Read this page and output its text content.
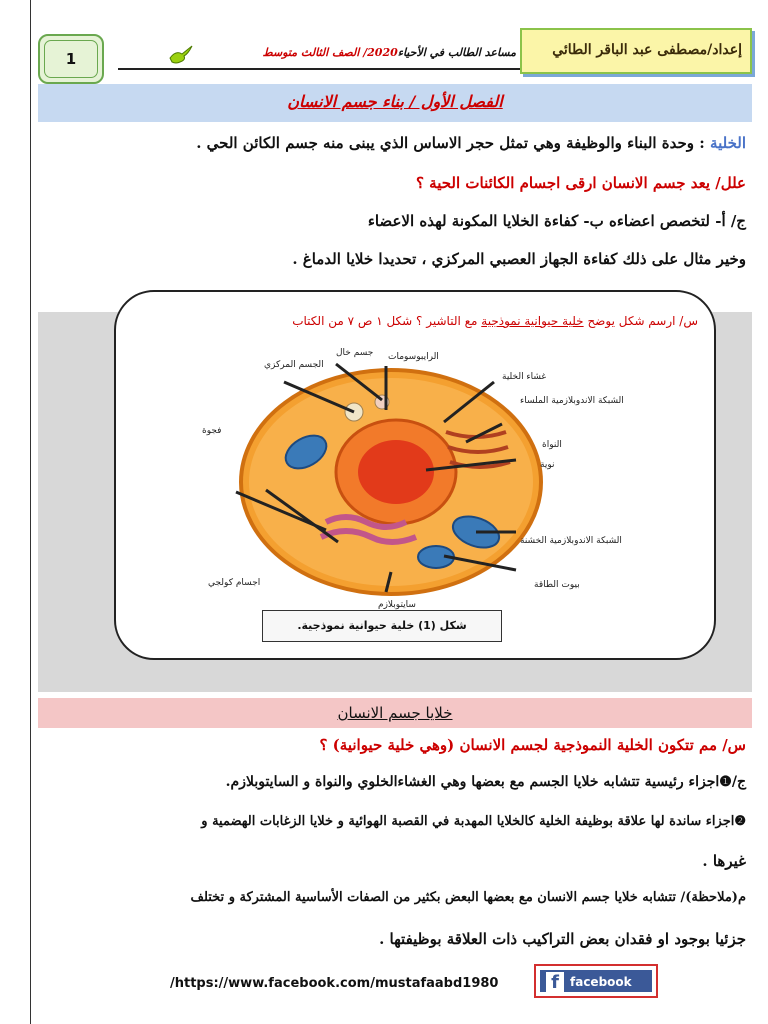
1	مساعد الطالب في الأحياء2020/ الصف الثالث متوسط	إعداد/مصطفى عبد الباقر الطائي
الفصل الأول / بناء جسم الانسان
الخلية : وحدة البناء والوظيفة وهي تمثل حجر الاساس الذي يبنى منه جسم الكائن الحي .
علل/ يعد جسم الانسان ارقى اجسام الكائنات الحية ؟
ج/ أ- لتخصص اعضاءه ب- كفاءة الخلايا المكونة لهذه الاعضاء
وخير مثال على ذلك كفاءة الجهاز العصبي المركزي ، تحديدا خلايا الدماغ .
س/ ارسم شكل يوضح خلية حيوانية نموذجية مع التاشير ؟ شكل ١ ص ٧ من الكتاب
الجسم المركزي
جسم خال الرايبوسومات
غشاء الخلية
الشبكة الاندوبلازمية الملساء
النواة
نوية
الشبكة الاندوبلازمية الخشنة
بيوت الطاقة
سايتوبلازم
اجسام كولجي
فجوة
شكل (1) خلية حيوانية نموذجية.
خلايا جسم الانسان
س/ مم تتكون الخلية النموذجية لجسم الانسان (وهي خلية حيوانية) ؟
ج/❶اجزاء رئيسية تتشابه خلايا الجسم مع بعضها وهي الغشاءالخلوي والنواة و السايتوبلازم.
❷اجزاء ساندة لها علاقة بوظيفة الخلية كالخلايا المهدبة في القصبة الهوائية و خلايا الزغابات الهضمية و
غيرها .
م(ملاحظة)/ تتشابه خلايا جسم الانسان مع بعضها البعض بكثير من الصفات الأساسية المشتركة و تختلف
جزئيا بوجود او فقدان بعض التراكيب ذات العلاقة بوظيفتها .
/https://www.facebook.com/mustafaabd1980	f facebook
